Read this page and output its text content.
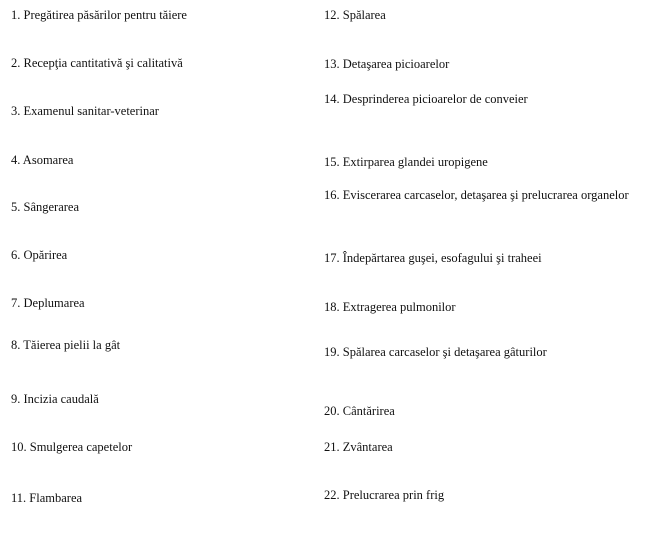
1. Pregătirea păsărilor pentru tăiere
2. Recepţia cantitativă şi calitativă
3. Examenul sanitar-veterinar
4. Asomarea
5. Sângerarea
6. Opărirea
7. Deplumarea
8. Tăierea pielii la gât
9. Incizia caudală
10. Smulgerea capetelor
11. Flambarea
12. Spălarea
13. Detaşarea picioarelor
14. Desprinderea picioarelor de conveier
15. Extirparea glandei uropigene
16. Eviscerarea carcaselor, detaşarea şi prelucrarea organelor
17. Îndepărtarea guşei, esofagului şi traheei
18. Extragerea pulmonilor
19. Spălarea carcaselor şi detaşarea gâturilor
20. Cântărirea
21. Zvântarea
22. Prelucrarea prin frig
